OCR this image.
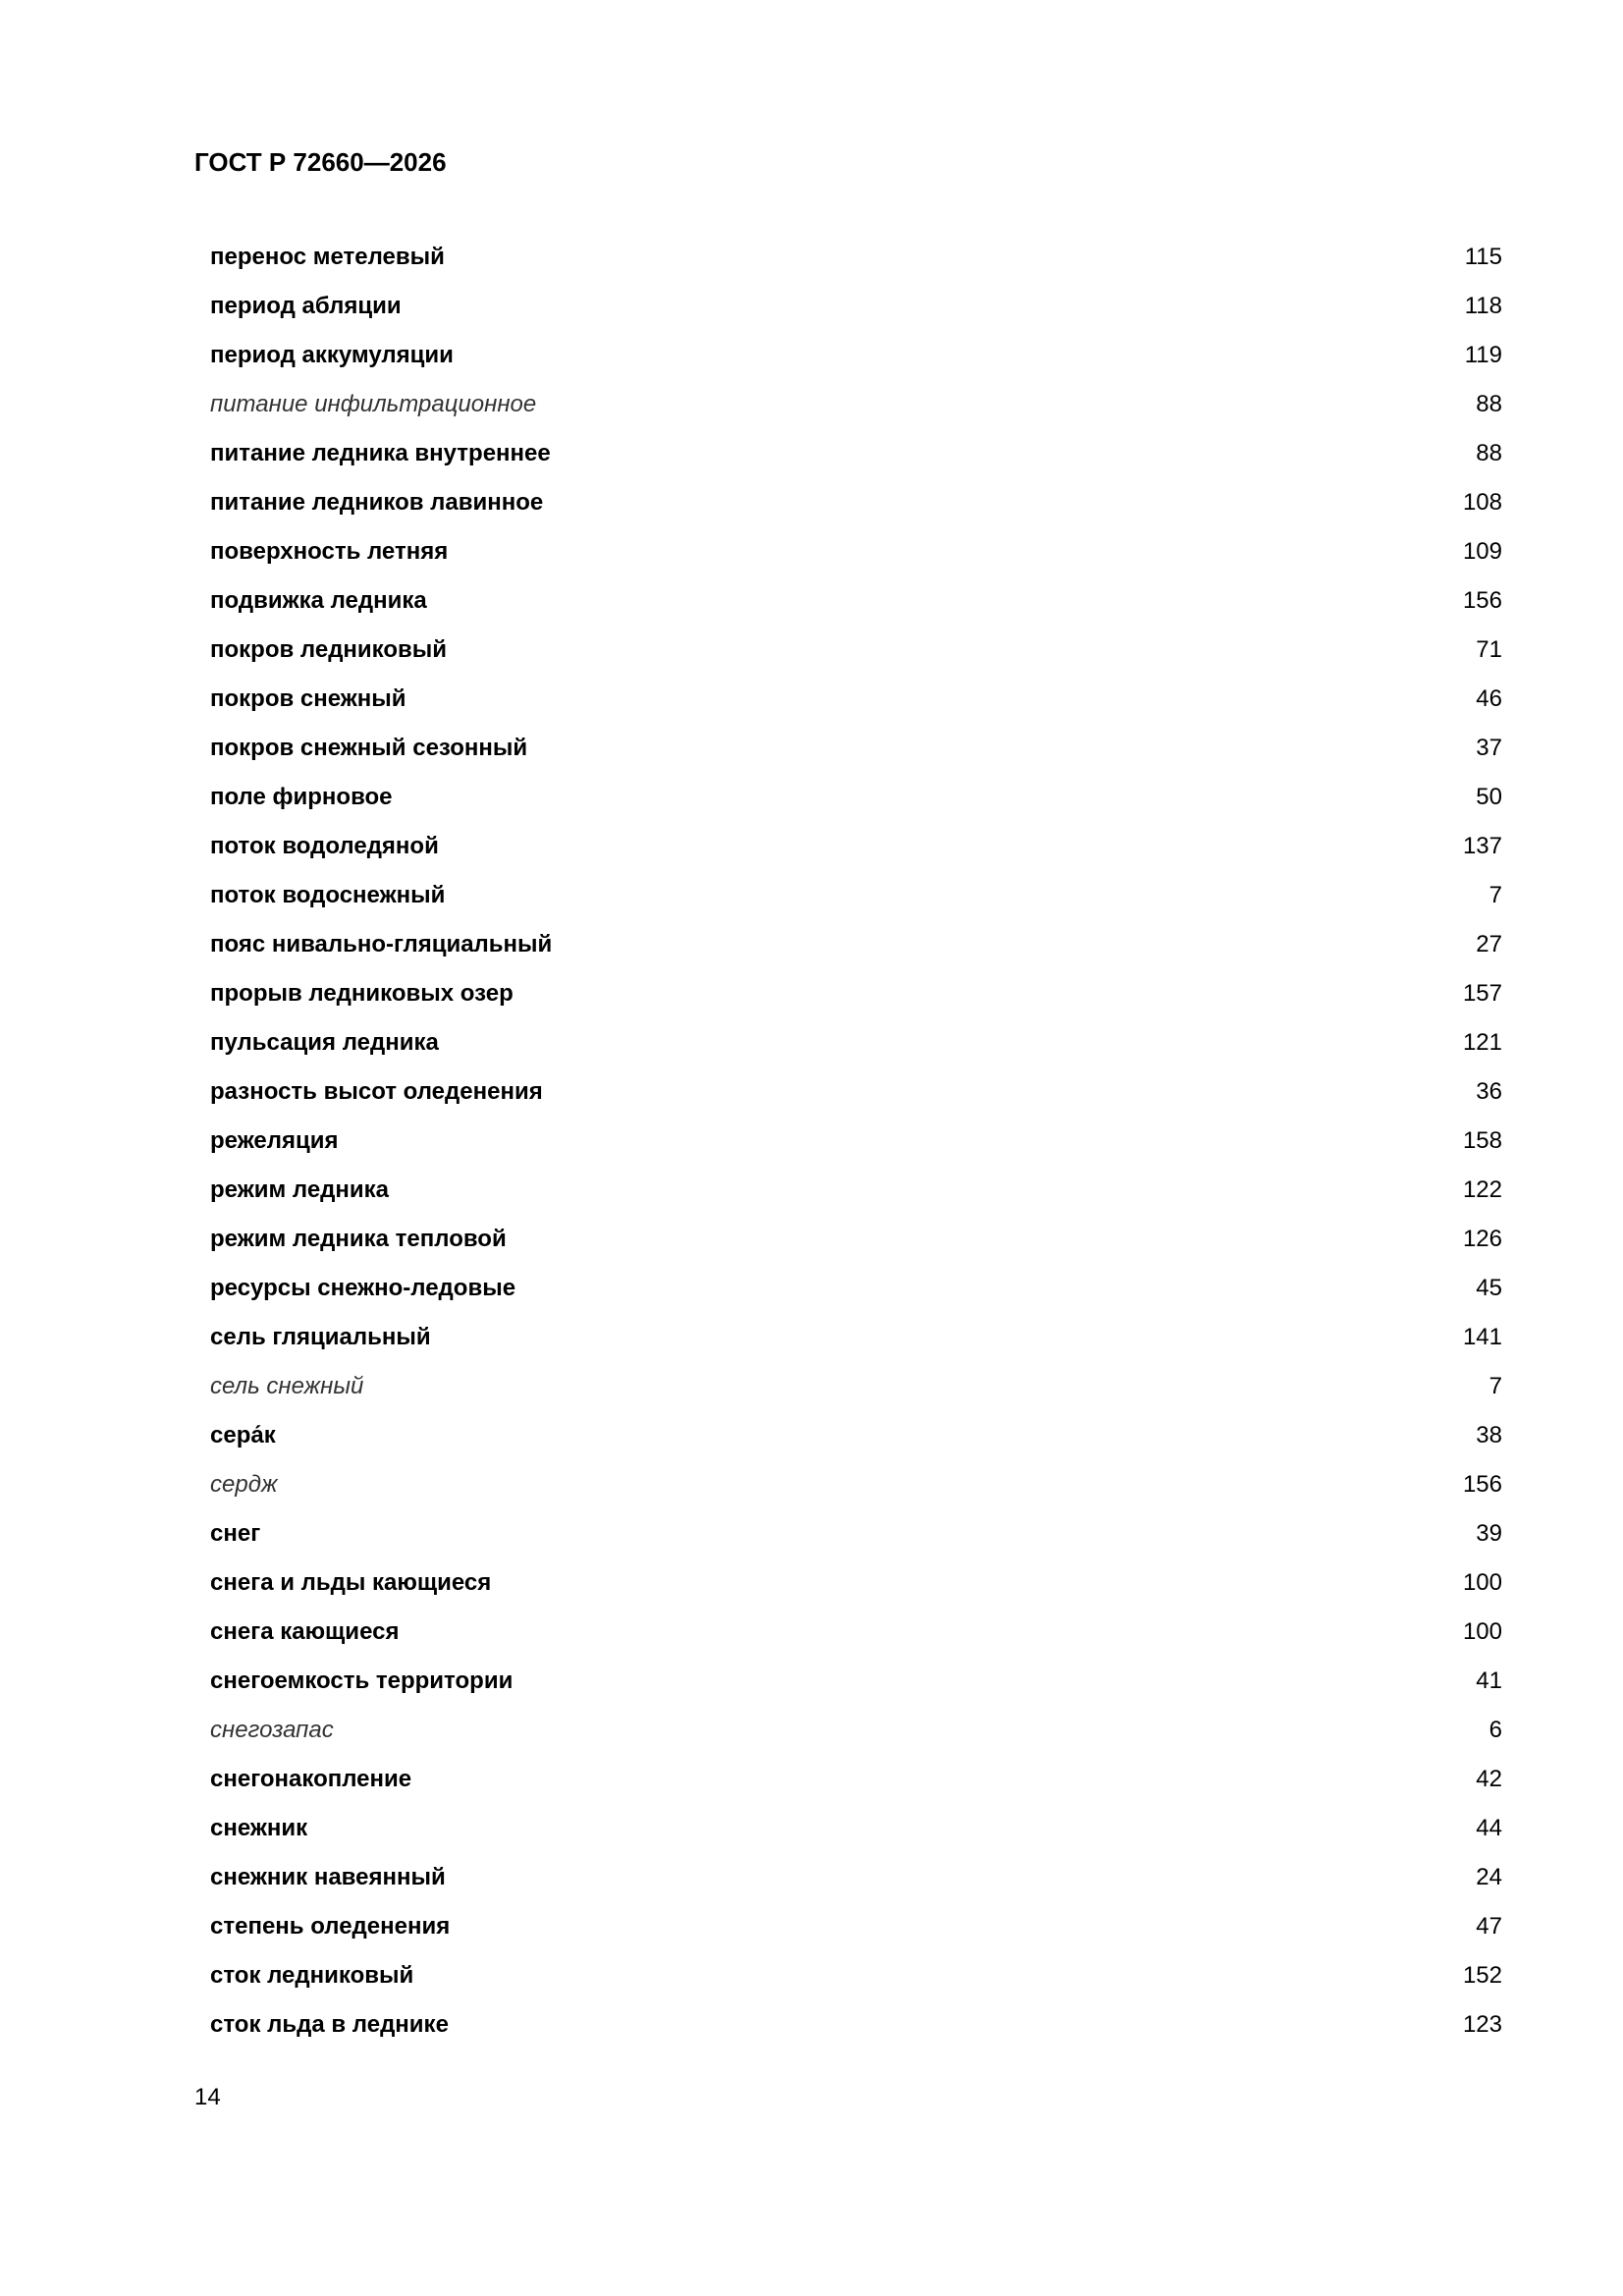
ГОСТ Р 72660—2026
перенос метелевый	115
период абляции	118
период аккумуляции	119
питание инфильтрационное	88
питание ледника внутреннее	88
питание ледников лавинное	108
поверхность летняя	109
подвижка ледника	156
покров ледниковый	71
покров снежный	46
покров снежный сезонный	37
поле фирновое	50
поток водоледяной	137
поток водоснежный	7
пояс нивально-гляциальный	27
прорыв ледниковых озер	157
пульсация ледника	121
разность высот оледенения	36
режеляция	158
режим ледника	122
режим ледника тепловой	126
ресурсы снежно-ледовые	45
сель гляциальный	141
сель снежный	7
сера́к	38
сердж	156
снег	39
снега и льды кающиеся	100
снега кающиеся	100
снегоемкость территории	41
снегозапас	6
снегонакопление	42
снежник	44
снежник навеянный	24
степень оледенения	47
сток ледниковый	152
сток льда в леднике	123
14
